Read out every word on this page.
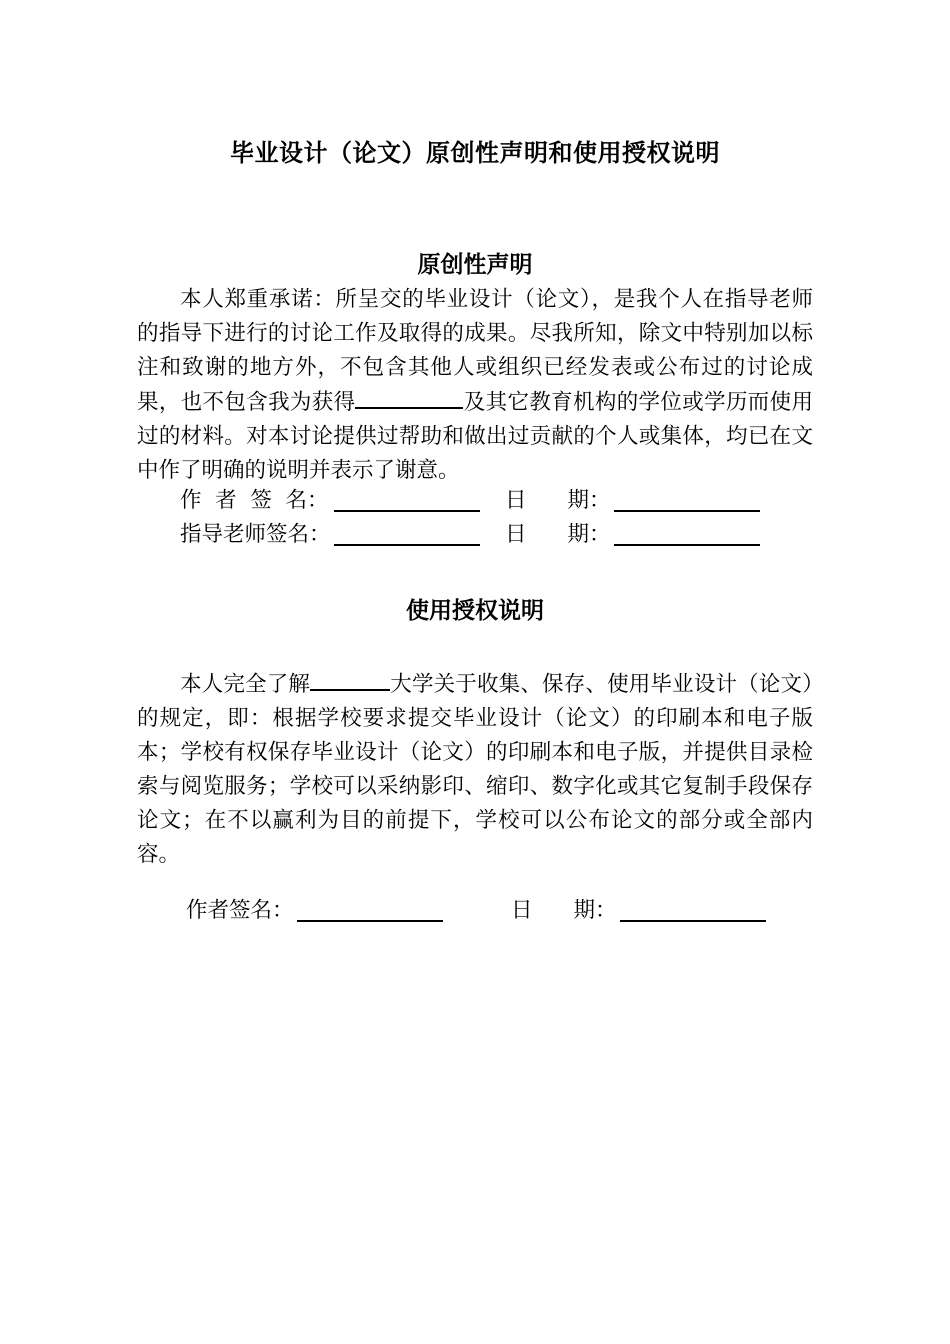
毕业设计（论文）原创性声明和使用授权说明
原创性声明

本人郑重承诺：所呈交的毕业设计（论文），是我个人在指导老师的指导下进行的讨论工作及取得的成果。尽我所知，除文中特别加以标注和致谢的地方外，不包含其他人或组织已经发表或公布过的讨论成果，也不包含我为获得	及其它教育机构的学位或学历而使用过的材料。对本讨论提供过帮助和做出过贡献的个人或集体，均已在文中作了明确的说明并表示了谢意。

作  者  签  名：	日      期：
指导老师签名：	日      期：
使用授权说明

本人完全了解	大学关于收集、保存、使用毕业设计（论文）的规定，即：根据学校要求提交毕业设计（论文）的印刷本和电子版本；学校有权保存毕业设计（论文）的印刷本和电子版，并提供目录检索与阅览服务；学校可以采纳影印、缩印、数字化或其它复制手段保存论文；在不以赢利为目的前提下，学校可以公布论文的部分或全部内容。

作者签名：	日      期：
